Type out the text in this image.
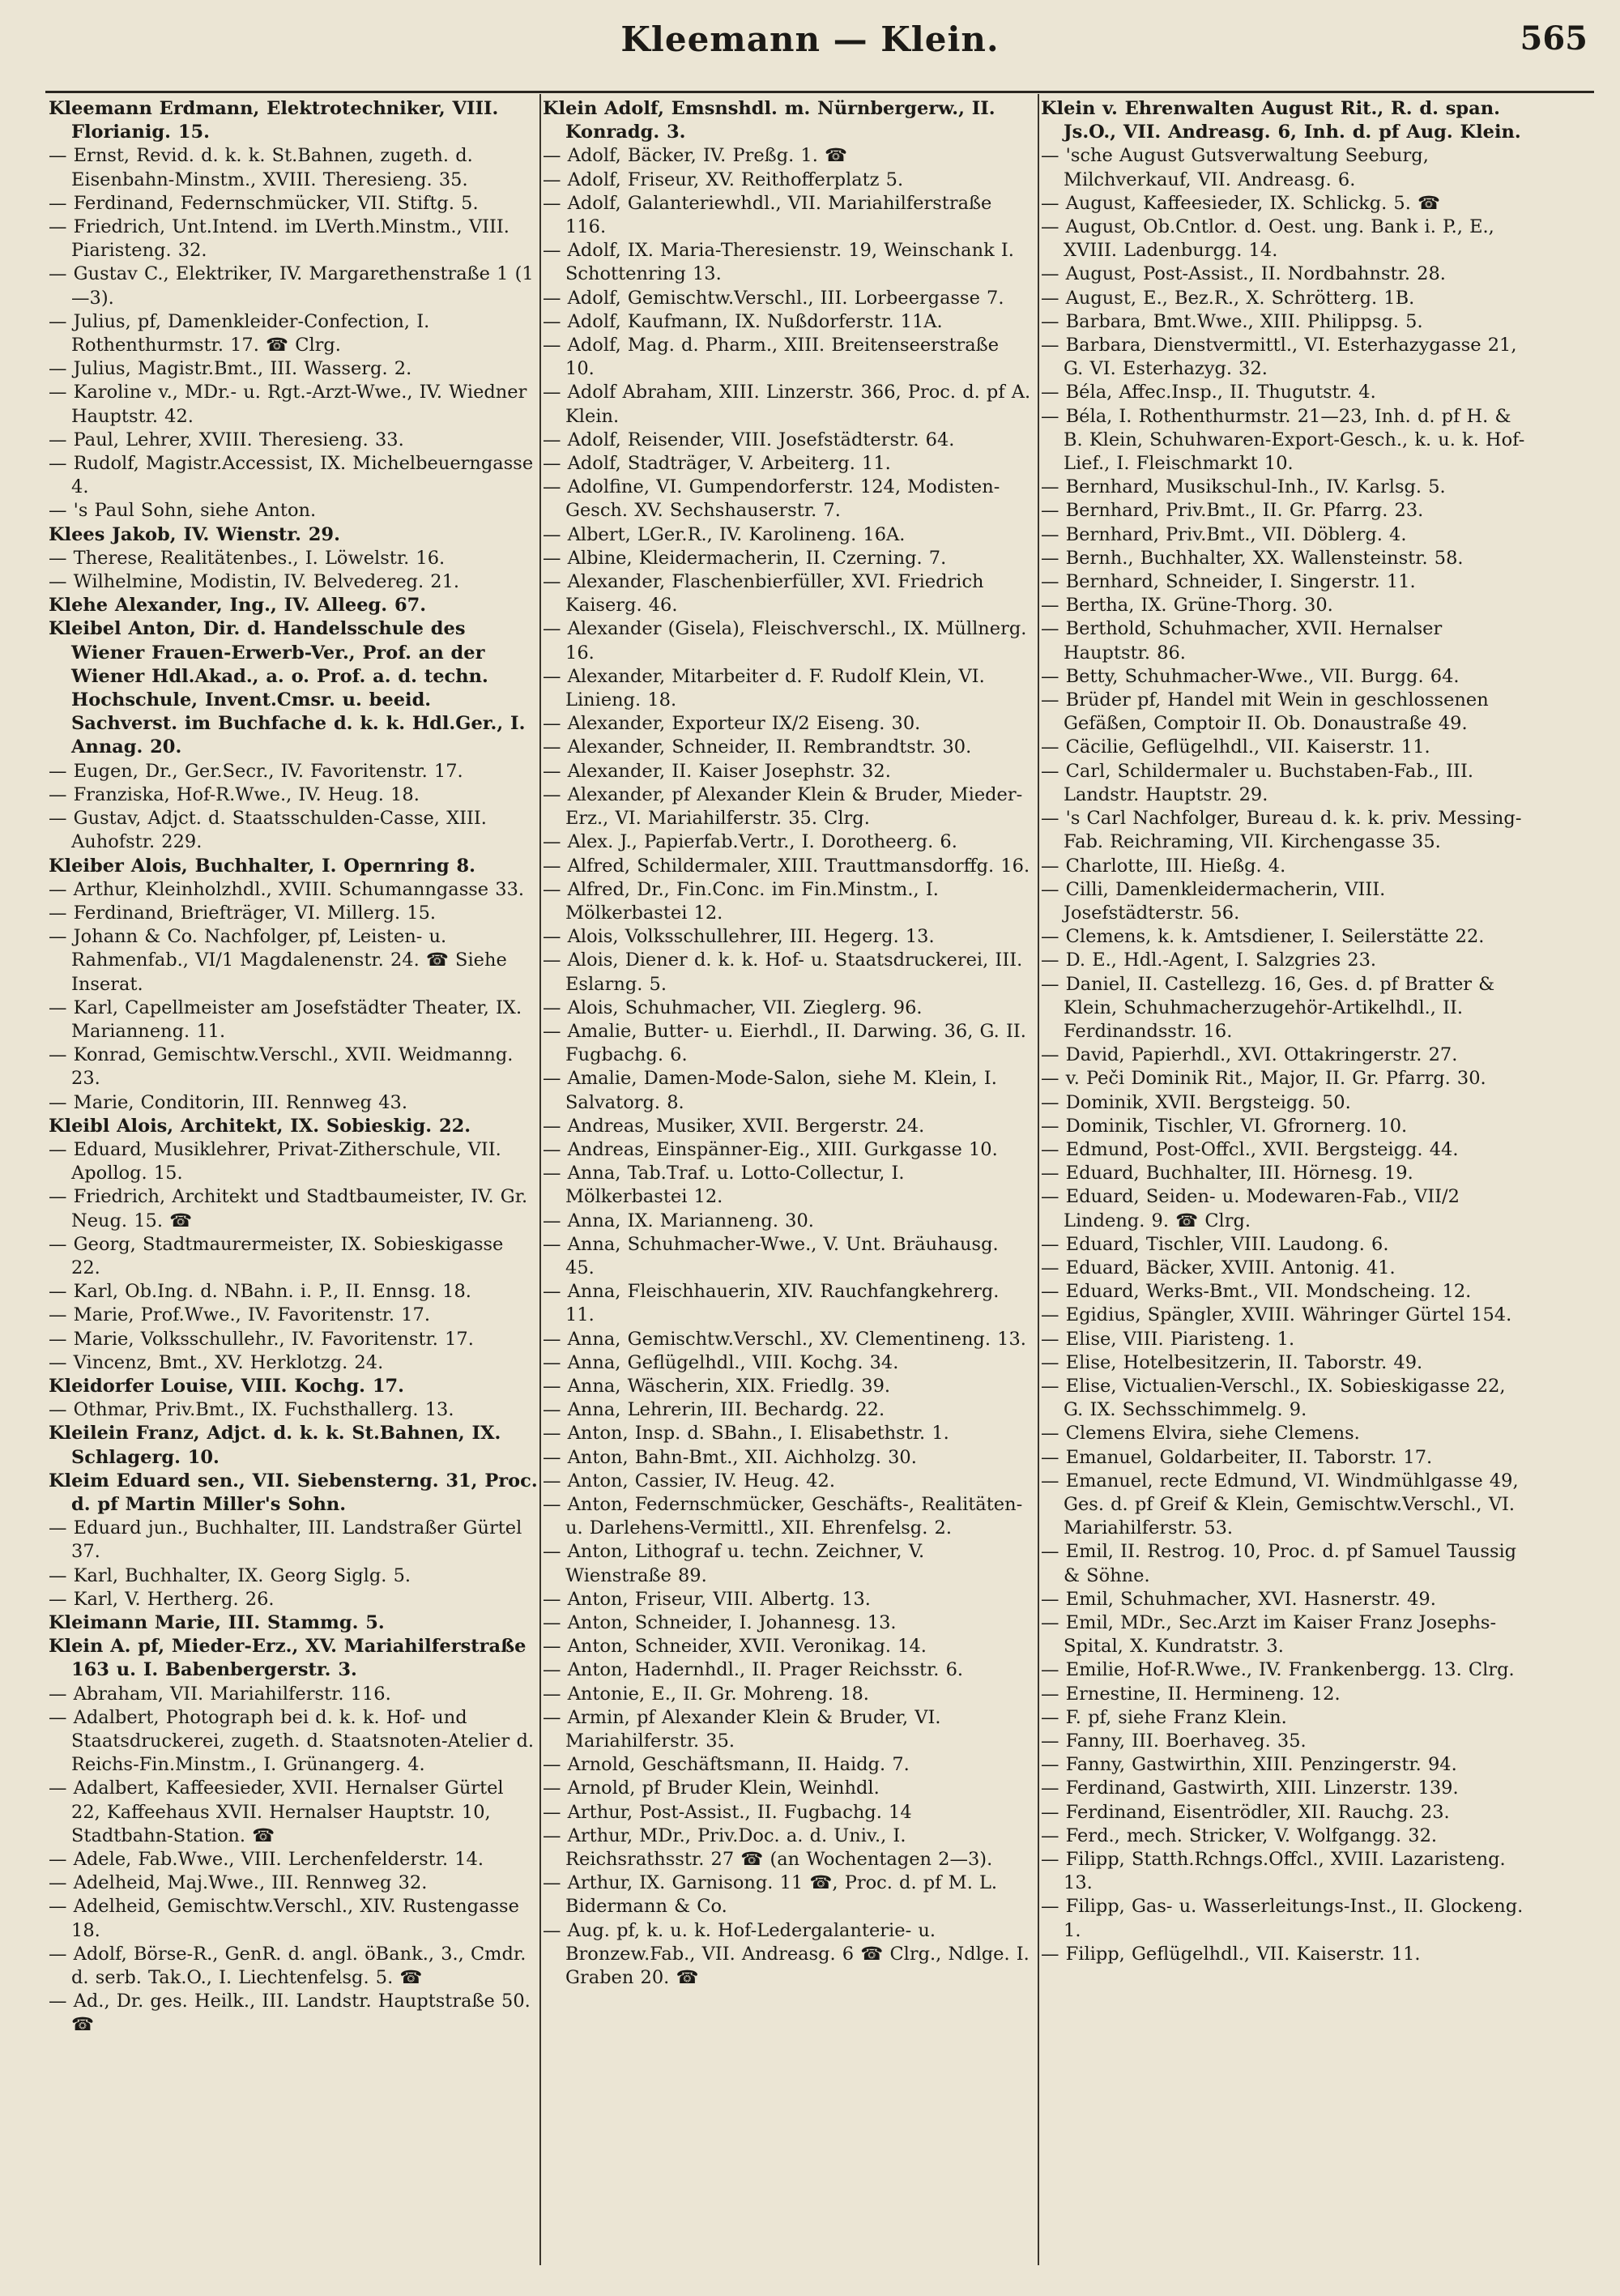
Kleemann — Klein.	565

Kleemann Erdmann, Elektrotechniker, VIII. Florianig. 15.

— Ernst, Revid. d. k. k. St.Bahnen, zugeth. d. Eisenbahn-Minstm., XVIII. Theresieng. 35.

— Ferdinand, Federnschmücker, VII. Stiftg. 5.

— Friedrich, Unt.Intend. im LVerth.Minstm., VIII. Piaristeng. 32.

— Gustav C., Elektriker, IV. Margarethenstraße 1 (1—3).

— Julius, pf, Damenkleider-Confection, I. Rothenthurmstr. 17. ☎ Clrg.

— Julius, Magistr.Bmt., III. Wasserg. 2.

— Karoline v., MDr.- u. Rgt.-Arzt-Wwe., IV. Wiedner Hauptstr. 42.

— Paul, Lehrer, XVIII. Theresieng. 33.

— Rudolf, Magistr.Accessist, IX. Michelbeuerngasse 4.

— 's Paul Sohn, siehe Anton.

Klees Jakob, IV. Wienstr. 29.

— Therese, Realitätenbes., I. Löwelstr. 16.

— Wilhelmine, Modistin, IV. Belvedereg. 21.

Klehe Alexander, Ing., IV. Alleeg. 67.

Kleibel Anton, Dir. d. Handelsschule des Wiener Frauen-Erwerb-Ver., Prof. an der Wiener Hdl.Akad., a. o. Prof. a. d. techn. Hochschule, Invent.Cmsr. u. beeid. Sachverst. im Buchfache d. k. k. Hdl.Ger., I. Annag. 20.

— Eugen, Dr., Ger.Secr., IV. Favoritenstr. 17.

— Franziska, Hof-R.Wwe., IV. Heug. 18.

— Gustav, Adjct. d. Staatsschulden-Casse, XIII. Auhofstr. 229.

Kleiber Alois, Buchhalter, I. Opernring 8.

— Arthur, Kleinholzhdl., XVIII. Schumanngasse 33.

— Ferdinand, Briefträger, VI. Millerg. 15.

— Johann & Co. Nachfolger, pf, Leisten- u. Rahmenfab., VI/1 Magdalenenstr. 24. ☎ Siehe Inserat.

— Karl, Capellmeister am Josefstädter Theater, IX. Marianneng. 11.

— Konrad, Gemischtw.Verschl., XVII. Weidmanng. 23.

— Marie, Conditorin, III. Rennweg 43.

Kleibl Alois, Architekt, IX. Sobieskig. 22.

— Eduard, Musiklehrer, Privat-Zitherschule, VII. Apollog. 15.

— Friedrich, Architekt und Stadtbaumeister, IV. Gr. Neug. 15. ☎

— Georg, Stadtmaurermeister, IX. Sobieskigasse 22.

— Karl, Ob.Ing. d. NBahn. i. P., II. Ennsg. 18.

— Marie, Prof.Wwe., IV. Favoritenstr. 17.

— Marie, Volksschullehr., IV. Favoritenstr. 17.

— Vincenz, Bmt., XV. Herklotzg. 24.

Kleidorfer Louise, VIII. Kochg. 17.

— Othmar, Priv.Bmt., IX. Fuchsthallerg. 13.

Kleilein Franz, Adjct. d. k. k. St.Bahnen, IX. Schlagerg. 10.

Kleim Eduard sen., VII. Siebensterng. 31, Proc. d. pf Martin Miller's Sohn.

— Eduard jun., Buchhalter, III. Landstraßer Gürtel 37.

— Karl, Buchhalter, IX. Georg Siglg. 5.

— Karl, V. Hertherg. 26.

Kleimann Marie, III. Stammg. 5.

Klein A. pf, Mieder-Erz., XV. Mariahilferstraße 163 u. I. Babenbergerstr. 3.

— Abraham, VII. Mariahilferstr. 116.

— Adalbert, Photograph bei d. k. k. Hof- und Staatsdruckerei, zugeth. d. Staatsnoten-Atelier d. Reichs-Fin.Minstm., I. Grünangerg. 4.

— Adalbert, Kaffeesieder, XVII. Hernalser Gürtel 22, Kaffeehaus XVII. Hernalser Hauptstr. 10, Stadtbahn-Station. ☎

— Adele, Fab.Wwe., VIII. Lerchenfelderstr. 14.

— Adelheid, Maj.Wwe., III. Rennweg 32.

— Adelheid, Gemischtw.Verschl., XIV. Rustengasse 18.

— Adolf, Börse-R., GenR. d. angl. öBank., 3., Cmdr. d. serb. Tak.O., I. Liechtenfelsg. 5. ☎

— Ad., Dr. ges. Heilk., III. Landstr. Hauptstraße 50. ☎

Klein Adolf, Emsnshdl. m. Nürnbergerw., II. Konradg. 3.

— Adolf, Bäcker, IV. Preßg. 1. ☎

— Adolf, Friseur, XV. Reithofferplatz 5.

— Adolf, Galanteriewhdl., VII. Mariahilferstraße 116.

— Adolf, IX. Maria-Theresienstr. 19, Weinschank I. Schottenring 13.

— Adolf, Gemischtw.Verschl., III. Lorbeergasse 7.

— Adolf, Kaufmann, IX. Nußdorferstr. 11A.

— Adolf, Mag. d. Pharm., XIII. Breitenseerstraße 10.

— Adolf Abraham, XIII. Linzerstr. 366, Proc. d. pf A. Klein.

— Adolf, Reisender, VIII. Josefstädterstr. 64.

— Adolf, Stadträger, V. Arbeiterg. 11.

— Adolfine, VI. Gumpendorferstr. 124, Modisten-Gesch. XV. Sechshauserstr. 7.

— Albert, LGer.R., IV. Karolineng. 16A.

— Albine, Kleidermacherin, II. Czerning. 7.

— Alexander, Flaschenbierfüller, XVI. Friedrich Kaiserg. 46.

— Alexander (Gisela), Fleischverschl., IX. Müllnerg. 16.

— Alexander, Mitarbeiter d. F. Rudolf Klein, VI. Linieng. 18.

— Alexander, Exporteur IX/2 Eiseng. 30.

— Alexander, Schneider, II. Rembrandtstr. 30.

— Alexander, II. Kaiser Josephstr. 32.

— Alexander, pf Alexander Klein & Bruder, Mieder-Erz., VI. Mariahilferstr. 35. Clrg.

— Alex. J., Papierfab.Vertr., I. Dorotheerg. 6.

— Alfred, Schildermaler, XIII. Trauttmansdorffg. 16.

— Alfred, Dr., Fin.Conc. im Fin.Minstm., I. Mölkerbastei 12.

— Alois, Volksschullehrer, III. Hegerg. 13.

— Alois, Diener d. k. k. Hof- u. Staatsdruckerei, III. Eslarng. 5.

— Alois, Schuhmacher, VII. Zieglerg. 96.

— Amalie, Butter- u. Eierhdl., II. Darwing. 36, G. II. Fugbachg. 6.

— Amalie, Damen-Mode-Salon, siehe M. Klein, I. Salvatorg. 8.

— Andreas, Musiker, XVII. Bergerstr. 24.

— Andreas, Einspänner-Eig., XIII. Gurkgasse 10.

— Anna, Tab.Traf. u. Lotto-Collectur, I. Mölkerbastei 12.

— Anna, IX. Marianneng. 30.

— Anna, Schuhmacher-Wwe., V. Unt. Bräuhausg. 45.

— Anna, Fleischhauerin, XIV. Rauchfangkehrerg. 11.

— Anna, Gemischtw.Verschl., XV. Clementineng. 13.

— Anna, Geflügelhdl., VIII. Kochg. 34.

— Anna, Wäscherin, XIX. Friedlg. 39.

— Anna, Lehrerin, III. Bechardg. 22.

— Anton, Insp. d. SBahn., I. Elisabethstr. 1.

— Anton, Bahn-Bmt., XII. Aichholzg. 30.

— Anton, Cassier, IV. Heug. 42.

— Anton, Federnschmücker, Geschäfts-, Realitäten- u. Darlehens-Vermittl., XII. Ehrenfelsg. 2.

— Anton, Lithograf u. techn. Zeichner, V. Wienstraße 89.

— Anton, Friseur, VIII. Albertg. 13.

— Anton, Schneider, I. Johannesg. 13.

— Anton, Schneider, XVII. Veronikag. 14.

— Anton, Hadernhdl., II. Prager Reichsstr. 6.

— Antonie, E., II. Gr. Mohreng. 18.

— Armin, pf Alexander Klein & Bruder, VI. Mariahilferstr. 35.

— Arnold, Geschäftsmann, II. Haidg. 7.

— Arnold, pf Bruder Klein, Weinhdl.

— Arthur, Post-Assist., II. Fugbachg. 14

— Arthur, MDr., Priv.Doc. a. d. Univ., I. Reichsrathsstr. 27 ☎ (an Wochentagen 2—3).

— Arthur, IX. Garnisong. 11 ☎, Proc. d. pf M. L. Bidermann & Co.

— Aug. pf, k. u. k. Hof-Ledergalanterie- u. Bronzew.Fab., VII. Andreasg. 6 ☎ Clrg., Ndlge. I. Graben 20. ☎

Klein v. Ehrenwalten August Rit., R. d. span. Js.O., VII. Andreasg. 6, Inh. d. pf Aug. Klein.

— 'sche August Gutsverwaltung Seeburg, Milchverkauf, VII. Andreasg. 6.

— August, Kaffeesieder, IX. Schlickg. 5. ☎

— August, Ob.Cntlor. d. Oest. ung. Bank i. P., E., XVIII. Ladenburgg. 14.

— August, Post-Assist., II. Nordbahnstr. 28.

— August, E., Bez.R., X. Schrötterg. 1B.

— Barbara, Bmt.Wwe., XIII. Philippsg. 5.

— Barbara, Dienstvermittl., VI. Esterhazygasse 21, G. VI. Esterhazyg. 32.

— Béla, Affec.Insp., II. Thugutstr. 4.

— Béla, I. Rothenthurmstr. 21—23, Inh. d. pf H. & B. Klein, Schuhwaren-Export-Gesch., k. u. k. Hof-Lief., I. Fleischmarkt 10.

— Bernhard, Musikschul-Inh., IV. Karlsg. 5.

— Bernhard, Priv.Bmt., II. Gr. Pfarrg. 23.

— Bernhard, Priv.Bmt., VII. Döblerg. 4.

— Bernh., Buchhalter, XX. Wallensteinstr. 58.

— Bernhard, Schneider, I. Singerstr. 11.

— Bertha, IX. Grüne-Thorg. 30.

— Berthold, Schuhmacher, XVII. Hernalser Hauptstr. 86.

— Betty, Schuhmacher-Wwe., VII. Burgg. 64.

— Brüder pf, Handel mit Wein in geschlossenen Gefäßen, Comptoir II. Ob. Donaustraße 49.

— Cäcilie, Geflügelhdl., VII. Kaiserstr. 11.

— Carl, Schildermaler u. Buchstaben-Fab., III. Landstr. Hauptstr. 29.

— 's Carl Nachfolger, Bureau d. k. k. priv. Messing-Fab. Reichraming, VII. Kirchengasse 35.

— Charlotte, III. Hießg. 4.

— Cilli, Damenkleidermacherin, VIII. Josefstädterstr. 56.

— Clemens, k. k. Amtsdiener, I. Seilerstätte 22.

— D. E., Hdl.-Agent, I. Salzgries 23.

— Daniel, II. Castellezg. 16, Ges. d. pf Bratter & Klein, Schuhmacherzugehör-Artikelhdl., II. Ferdinandsstr. 16.

— David, Papierhdl., XVI. Ottakringerstr. 27.

— v. Peči Dominik Rit., Major, II. Gr. Pfarrg. 30.

— Dominik, XVII. Bergsteigg. 50.

— Dominik, Tischler, VI. Gfrornerg. 10.

— Edmund, Post-Offcl., XVII. Bergsteigg. 44.

— Eduard, Buchhalter, III. Hörnesg. 19.

— Eduard, Seiden- u. Modewaren-Fab., VII/2 Lindeng. 9. ☎ Clrg.

— Eduard, Tischler, VIII. Laudong. 6.

— Eduard, Bäcker, XVIII. Antonig. 41.

— Eduard, Werks-Bmt., VII. Mondscheing. 12.

— Egidius, Spängler, XVIII. Währinger Gürtel 154.

— Elise, VIII. Piaristeng. 1.

— Elise, Hotelbesitzerin, II. Taborstr. 49.

— Elise, Victualien-Verschl., IX. Sobieskigasse 22, G. IX. Sechsschimmelg. 9.

— Clemens Elvira, siehe Clemens.

— Emanuel, Goldarbeiter, II. Taborstr. 17.

— Emanuel, recte Edmund, VI. Windmühlgasse 49, Ges. d. pf Greif & Klein, Gemischtw.Verschl., VI. Mariahilferstr. 53.

— Emil, II. Restrog. 10, Proc. d. pf Samuel Taussig & Söhne.

— Emil, Schuhmacher, XVI. Hasnerstr. 49.

— Emil, MDr., Sec.Arzt im Kaiser Franz Josephs-Spital, X. Kundratstr. 3.

— Emilie, Hof-R.Wwe., IV. Frankenbergg. 13. Clrg.

— Ernestine, II. Hermineng. 12.

— F. pf, siehe Franz Klein.

— Fanny, III. Boerhaveg. 35.

— Fanny, Gastwirthin, XIII. Penzingerstr. 94.

— Ferdinand, Gastwirth, XIII. Linzerstr. 139.

— Ferdinand, Eisentrödler, XII. Rauchg. 23.

— Ferd., mech. Stricker, V. Wolfgangg. 32.

— Filipp, Statth.Rchngs.Offcl., XVIII. Lazaristeng. 13.

— Filipp, Gas- u. Wasserleitungs-Inst., II. Glockeng. 1.

— Filipp, Geflügelhdl., VII. Kaiserstr. 11.
